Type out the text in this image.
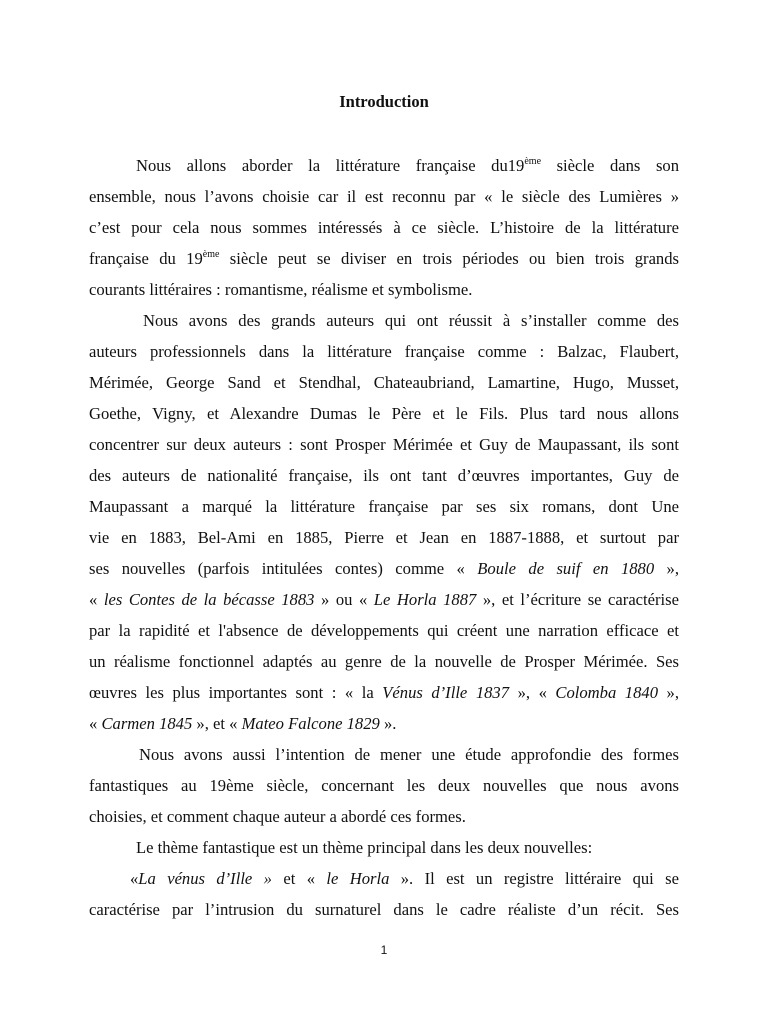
Introduction
Nous allons aborder la littérature française du19ème siècle dans son
ensemble, nous l’avons choisie car il est reconnu par « le siècle des Lumières »
c’est pour cela nous sommes intéressés à ce siècle. L’histoire de la littérature
française du 19ème siècle peut se diviser en trois périodes ou bien trois grands
courants littéraires : romantisme, réalisme et symbolisme.
Nous avons des grands auteurs qui ont réussit à s’installer comme des
auteurs professionnels dans la littérature française comme : Balzac, Flaubert,
Mérimée, George Sand et Stendhal, Chateaubriand, Lamartine, Hugo, Musset,
Goethe, Vigny, et Alexandre Dumas le Père et le Fils. Plus tard nous allons
concentrer sur deux auteurs : sont Prosper Mérimée et Guy de Maupassant, ils sont
des auteurs de nationalité française, ils ont tant d’œuvres importantes, Guy de
Maupassant a marqué la littérature française par ses six romans, dont Une
vie en 1883, Bel-Ami en 1885, Pierre et Jean en 1887-1888, et surtout par
ses nouvelles (parfois intitulées contes) comme « Boule de suif en 1880 »,
« les Contes de la bécasse 1883 » ou « Le Horla 1887 », et l’écriture se caractérise
par la rapidité et l'absence de développements qui créent une narration efficace et
un réalisme fonctionnel adaptés au genre de la nouvelle de Prosper Mérimée. Ses
œuvres les plus importantes sont : « la Vénus d’Ille 1837 », « Colomba 1840 »,
« Carmen 1845 », et « Mateo Falcone 1829 ».
Nous avons aussi l’intention de mener une étude approfondie des formes
fantastiques au 19ème siècle, concernant les deux nouvelles que nous avons
choisies, et comment chaque auteur a abordé ces formes.
Le thème fantastique est un thème principal dans les deux nouvelles:
«La vénus d’Ille » et « le Horla ». Il est un registre littéraire qui se
caractérise par l’intrusion du surnaturel dans le cadre réaliste d’un récit. Ses
1
